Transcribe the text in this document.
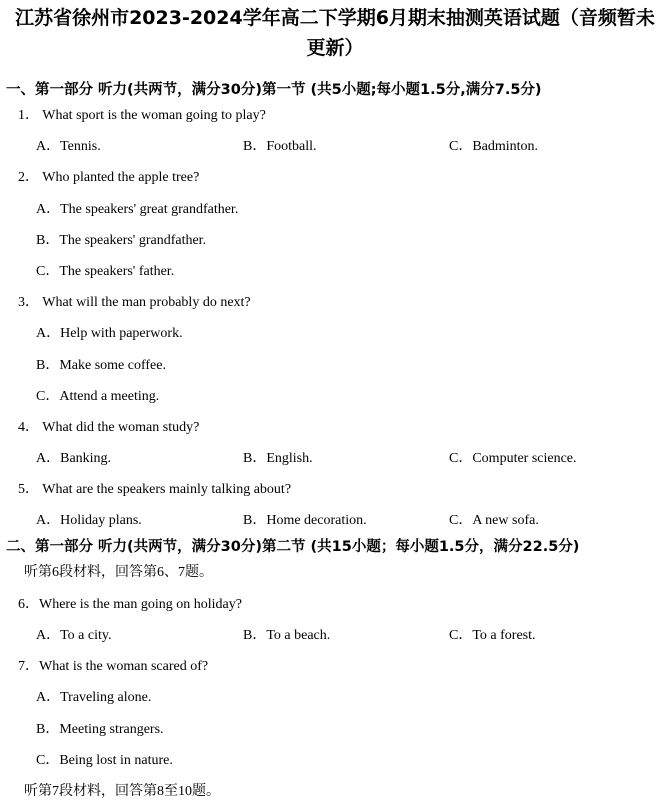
江苏省徐州市2023-2024学年高二下学期6月期末抽测英语试题（音频暂未更新）
一、第一部分 听力(共两节，满分30分)第一节 (共5小题;每小题1.5分,满分7.5分)
1． What sport is the woman going to play?
A．Tennis.	B．Football.	C．Badminton.
2． Who planted the apple tree?
A．The speakers' great grandfather.
B．The speakers' grandfather.
C．The speakers' father.
3． What will the man probably do next?
A．Help with paperwork.
B．Make some coffee.
C．Attend a meeting.
4． What did the woman study?
A．Banking.	B．English.	C．Computer science.
5． What are the speakers mainly talking about?
A．Holiday plans.	B．Home decoration.	C．A new sofa.
二、第一部分 听力(共两节，满分30分)第二节 (共15小题；每小题1.5分，满分22.5分)
听第6段材料，回答第6、7题。
6．Where is the man going on holiday?
A．To a city.	B．To a beach.	C．To a forest.
7．What is the woman scared of?
A．Traveling alone.
B．Meeting strangers.
C．Being lost in nature.
听第7段材料，回答第8至10题。
